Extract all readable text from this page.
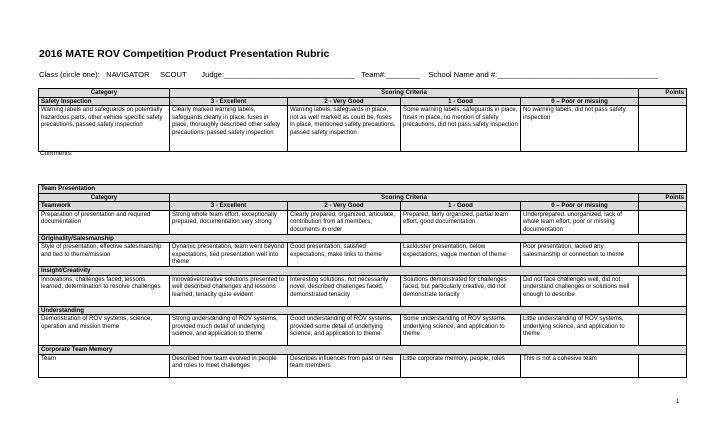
2016 MATE ROV Competition Product Presentation Rubric
Class (circle one):   NAVIGATOR     SCOUT       Judge:_______________________________   Team#:________    School Name and #:______________________________________
Category	Scoring Criteria				Points
Safety Inspection	3 - Excellent	2 - Very Good	1 - Good	0 – Poor or missing	
Warning labels and safeguards on potentially hazardous parts, other vehicle specific safety precautions, passed safety inspection	Clearly marked warning labels, safeguards clearly in place, fuses in place, thoroughly described other safety precautions, passed safety inspection	Warning labels, safeguards in place, not as well marked as could be, fuses in place, mentioned safety precautions, passed safety inspection	Some warning labels, safeguards in place, fuses in place, no mention of safety precautions, did not pass safety inspection	No warning labels, did not pass safety inspection	
Comments:
Team Presentation					
Category	Scoring Criteria				Points
Teamwork	3 - Excellent	2 - Very Good	1 - Good	0 – Poor or missing	
Preparation of presentation and required documentation	Strong whole team effort, exceptionally prepared, documentation very strong	Clearly prepared, organized, articulate, contribution from all members, documents in order	Prepared, fairly organized, partial team effort, good documentation	Underprepared, unorganized, lack of whole team effort, poor or missing documentation	
Originality/Salesmanship					
Style of presentation, effective salesmanship and tied to theme/mission	Dynamic presentation, team went beyond expectations, tied presentation well into theme	Good presentation, satisfied expectations, make links to theme	Lackluster presentation, below expectations, vague mention of theme	Poor presentation, lacked any salesmanship or connection to theme	
Insight/Creativity					
Innovations, challenges faced, lessons learned, determination to resolve challenges	Innovative/creative solutions presented to well described challenges and lessons learned, tenacity quite evident	Interesting solutions, not necessarily novel, described challenges faced, demonstrated tenacity	Solutions demonstrated for challenges faced, but particularly creative, did not demonstrate tenacity	Did not face challenges well, did not understand challenges or solutions well enough to describe	
Understanding					
Demonstration of ROV systems, science, operation and mission theme	Strong understanding of ROV systems, provided much detail of underlying science, and application to theme	Good understanding of ROV systems, provided some detail of underlying science, and application to theme	Some understanding of ROV systems, underlying science, and application to theme	Little understanding of ROV systems, underlying science, and application to theme	
Corporate Team Memory					
Team	Described how team evolved in people and roles to meet challenges	Describes influences from past or new team members	Little corporate memory, people, roles	This is not a cohesive team	
1
